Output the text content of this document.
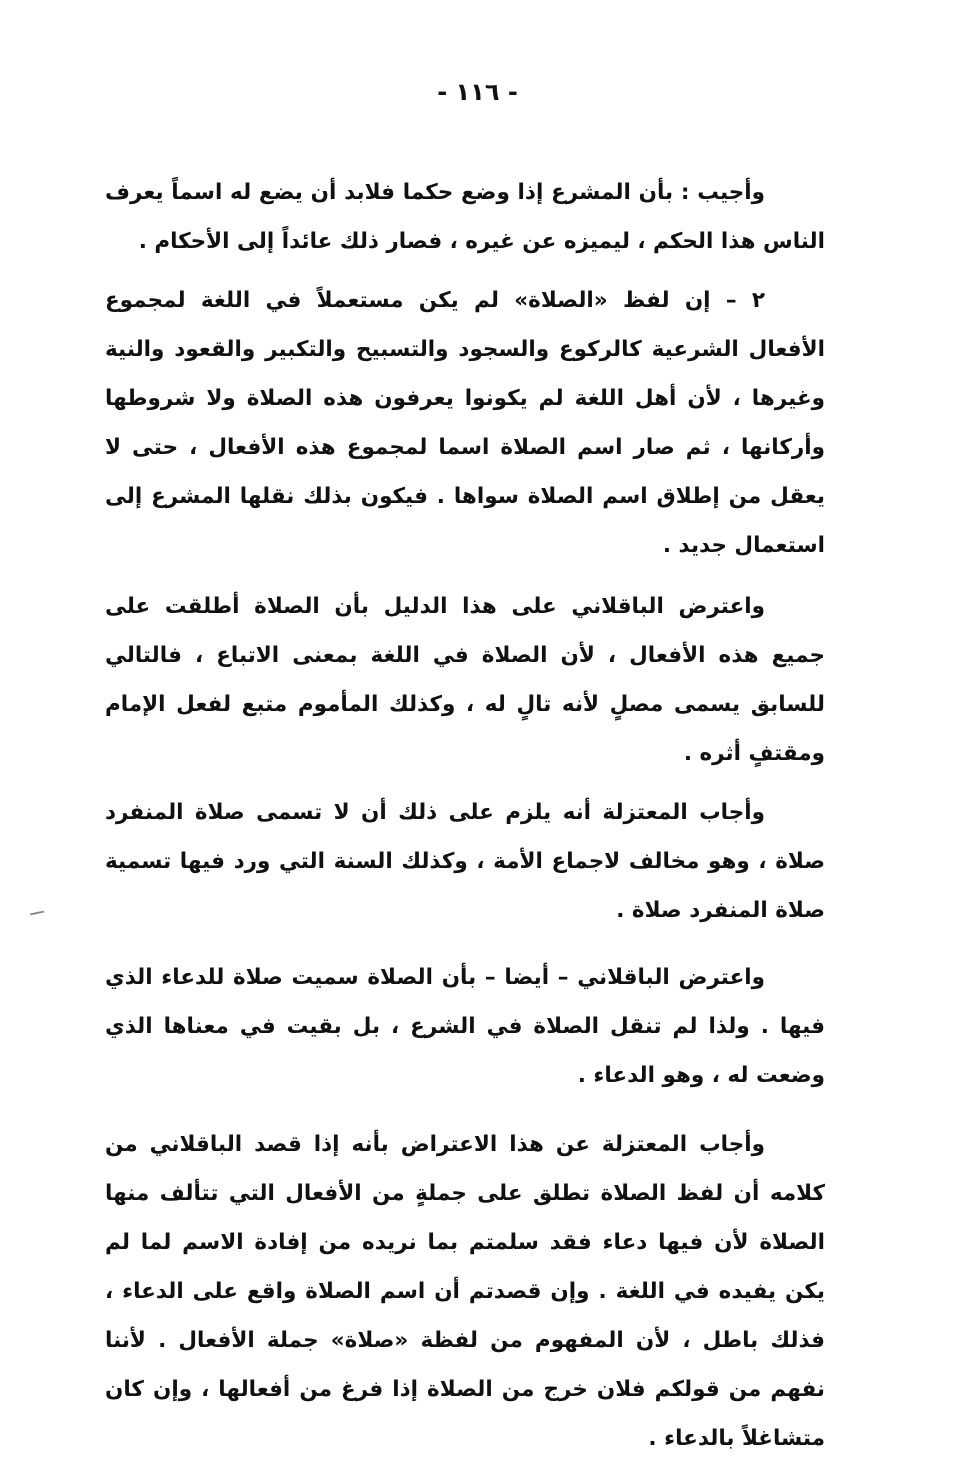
- ١١٦ -

وأجيب : بأن المشرع إذا وضع حكما فلابد أن يضع له اسماً يعرف الناس هذا الحكم ، ليميزه عن غيره ، فصار ذلك عائداً إلى الأحكام .

٢ – إن لفظ «الصلاة» لم يكن مستعملاً في اللغة لمجموع الأفعال الشرعية كالركوع والسجود والتسبيح والتكبير والقعود والنية وغيرها ، لأن أهل اللغة لم يكونوا يعرفون هذه الصلاة ولا شروطها وأركانها ، ثم صار اسم الصلاة اسما لمجموع هذه الأفعال ، حتى لا يعقل من إطلاق اسم الصلاة سواها . فيكون بذلك نقلها المشرع إلى استعمال جديد .

واعترض الباقلاني على هذا الدليل بأن الصلاة أطلقت على جميع هذه الأفعال ، لأن الصلاة في اللغة بمعنى الاتباع ، فالتالي للسابق يسمى مصلٍ لأنه تالٍ له ، وكذلك المأموم متبع لفعل الإمام ومقتفٍ أثره .

وأجاب المعتزلة أنه يلزم على ذلك أن لا تسمى صلاة المنفرد صلاة ، وهو مخالف لاجماع الأمة ، وكذلك السنة التي ورد فيها تسمية صلاة المنفرد صلاة .

واعترض الباقلاني – أيضا – بأن الصلاة سميت صلاة للدعاء الذي فيها . ولذا لم تنقل الصلاة في الشرع ، بل بقيت في معناها الذي وضعت له ، وهو الدعاء .

وأجاب المعتزلة عن هذا الاعتراض بأنه إذا قصد الباقلاني من كلامه أن لفظ الصلاة تطلق على جملةٍ من الأفعال التي تتألف منها الصلاة لأن فيها دعاء فقد سلمتم بما نريده من إفادة الاسم لما لم يكن يفيده في اللغة . وإن قصدتم أن اسم الصلاة واقع على الدعاء ، فذلك باطل ، لأن المفهوم من لفظة «صلاة» جملة الأفعال . لأننا نفهم من قولكم فلان خرج من الصلاة إذا فرغ من أفعالها ، وإن كان متشاغلاً بالدعاء .
